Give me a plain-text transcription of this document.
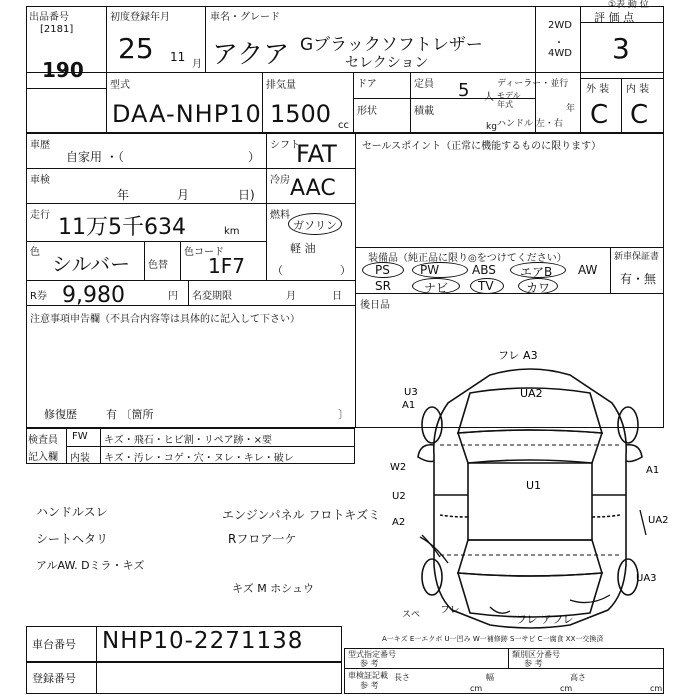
①表 動 位
出品番号
[2181]
190
初度登録年月
25 11
月
車名・グレード
アクア Gブラックソフトレザー
セレクション
2WD
・
4WD
評 価 点
3
型式
DAA-NHP10
排気量
1500 cc
ドア	定員 5 人
形状	積載
kg
ディーラー・並行
モデル年式	年
ハンドル 左・右
外 装 内 装
C C
車歴
自家用 ・（	）
シフト
FAT
車検
年	月	日)
冷房 AAC
走行 11万5千634	km
燃料
ガソリン
軽 油
（	）
色 シルバー 色替
色コード
1F7
R券 9,980	円 名変期限	月	日
セールスポイント（正常に機能するものに限ります）
装備品（純正品に限り◎をつけてください）
PS	PW	ABS エアB AW
SR	ナビ TV	カワ
新車保証書
有・無
後日品
注意事項申告欄（不具合内容等は具体的に記入して下さい）
修復歴	有 〔箇所	〕
検査員
記入欄
FW キズ・飛石・ヒビ割・リペア跡・×要
内装 キズ・汚レ・コゲ・穴・ヌレ・キレ・破レ
ハンドルスレ
シートヘタリ
アルAW. Dミラ・キズ
エンジンパネル フロトキズミ
Rフロア一ケ
キズ M ホシュウ
フレ A3
U3
A1
UA2
W2	A1
U2
U1
A2	UA2
UA3
スペ フレ
フレ アフレ
A一キズ E一エクボ U一凹み W一補修跡 S一サビ C一腐食 XX一交換済
車台番号 NHP10-2271138
登録番号
型式指定番号
参 考
類別区分番号
参 考
車検証記載
参 考
長さ	幅	高さ
cm	cm	cm
